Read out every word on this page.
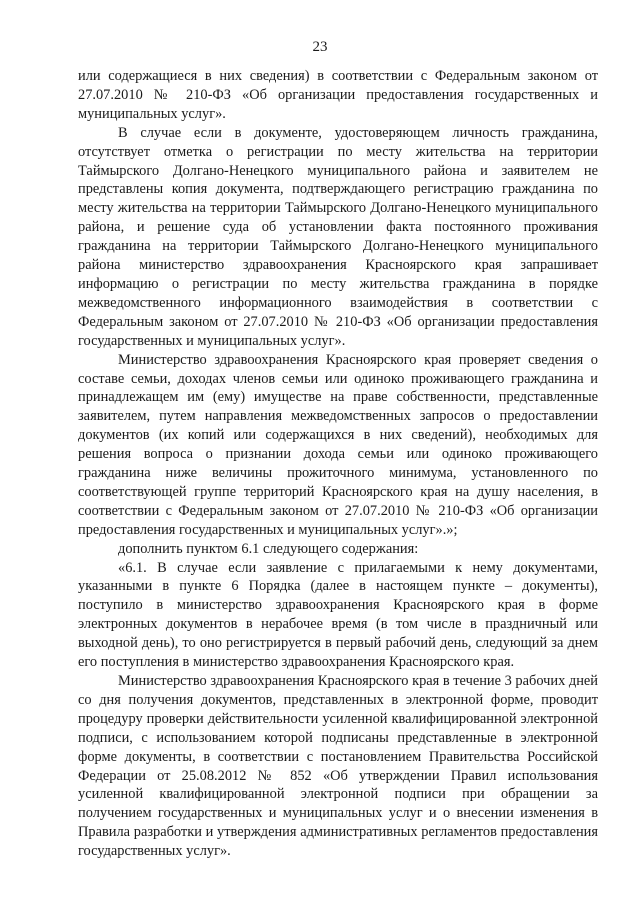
23

или содержащиеся в них сведения) в соответствии с Федеральным законом от 27.07.2010 № 210-ФЗ «Об организации предоставления государственных и муниципальных услуг».

В случае если в документе, удостоверяющем личность гражданина, отсутствует отметка о регистрации по месту жительства на территории Таймырского Долгано-Ненецкого муниципального района и заявителем не представлены копия документа, подтверждающего регистрацию гражданина по месту жительства на территории Таймырского Долгано-Ненецкого муниципального района, и решение суда об установлении факта постоянного проживания гражданина на территории Таймырского Долгано-Ненецкого муниципального района министерство здравоохранения Красноярского края запрашивает информацию о регистрации по месту жительства гражданина в порядке межведомственного информационного взаимодействия в соответствии с Федеральным законом от 27.07.2010 № 210-ФЗ «Об организации предоставления государственных и муниципальных услуг».

Министерство здравоохранения Красноярского края проверяет сведения о составе семьи, доходах членов семьи или одиноко проживающего гражданина и принадлежащем им (ему) имуществе на праве собственности, представленные заявителем, путем направления межведомственных запросов о предоставлении документов (их копий или содержащихся в них сведений), необходимых для решения вопроса о признании дохода семьи или одиноко проживающего гражданина ниже величины прожиточного минимума, установленного по соответствующей группе территорий Красноярского края на душу населения, в соответствии с Федеральным законом от 27.07.2010 № 210-ФЗ «Об организации предоставления государственных и муниципальных услуг».»;

дополнить пунктом 6.1 следующего содержания:

«6.1. В случае если заявление с прилагаемыми к нему документами, указанными в пункте 6 Порядка (далее в настоящем пункте – документы), поступило в министерство здравоохранения Красноярского края в форме электронных документов в нерабочее время (в том числе в праздничный или выходной день), то оно регистрируется в первый рабочий день, следующий за днем его поступления в министерство здравоохранения Красноярского края.

Министерство здравоохранения Красноярского края в течение 3 рабочих дней со дня получения документов, представленных в электронной форме, проводит процедуру проверки действительности усиленной квалифицированной электронной подписи, с использованием которой подписаны представленные в электронной форме документы, в соответствии с постановлением Правительства Российской Федерации от 25.08.2012 № 852 «Об утверждении Правил использования усиленной квалифицированной электронной подписи при обращении за получением государственных и муниципальных услуг и о внесении изменения в Правила разработки и утверждения административных регламентов предоставления государственных услуг».
